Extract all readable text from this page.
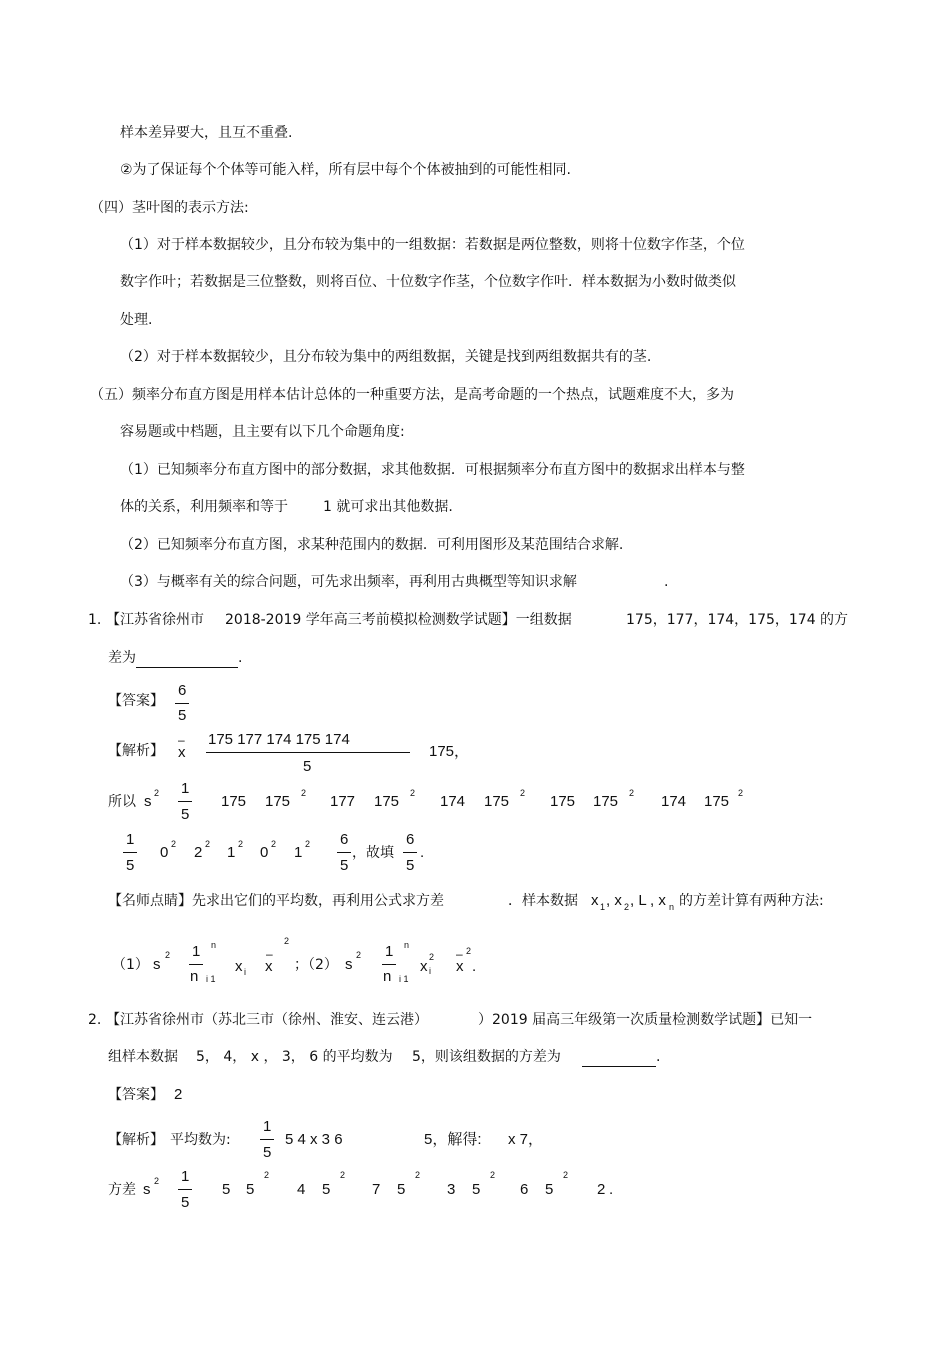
样本差异要大，且互不重叠.
②为了保证每个个体等可能入样，所有层中每个个体被抽到的可能性相同.
（四）茎叶图的表示方法:
（1）对于样本数据较少，且分布较为集中的一组数据：若数据是两位整数，则将十位数字作茎，个位
数字作叶；若数据是三位整数，则将百位、十位数字作茎，个位数字作叶．样本数据为小数时做类似
处理.
（2）对于样本数据较少，且分布较为集中的两组数据，关键是找到两组数据共有的茎.
（五）频率分布直方图是用样本估计总体的一种重要方法，是高考命题的一个热点，试题难度不大，多为
容易题或中档题，且主要有以下几个命题角度:
（1）已知频率分布直方图中的部分数据，求其他数据．可根据频率分布直方图中的数据求出样本与整
体的关系，利用频率和等于	1 就可求出其他数据.
（2）已知频率分布直方图，求某种范围内的数据．可利用图形及某范围结合求解.
（3）与概率有关的综合问题，可先求出频率，再利用古典概型等知识求解	.
1. 【江苏省徐州市 2018-2019 学年高三考前模拟检测数学试题】一组数据	175，177，174，175，174 的方
差为	.
【答案】
6
5
【解析】
–
x
175 177 174 175 174
5
175，
所以 s 2 1
5
175 175 2 177 175 2 174 175 2 175 175 2 174 175 2
1
5
0 2 2 2 1 2 0 2 1 2 6
5
，故填
6
5
.
【名师点睛】 先求出它们的平均数，再利用公式求方差	．样本数据 x 1 , x 2 , L , x n 的方差计算有两种方法:
（1） s
2 1
n
n
i 1
x i
–
x
2
；（2） s
2 1
n
n
i 1
x
2
i
– 2
x .
2. 【江苏省徐州市（苏北三市（徐州、淮安、连云港）	）2019 届高三年级第一次质量检测数学试题】已知一
组样本数据 5， 4， x ， 3， 6 的平均数为 5，则该组数据的方差为	.
【答案】 2
【解析】 平均数为:
1
5
5 4 x 3 6	5，解得: x 7，
方差 s 2 1
5
5 5
2
4 5
2
7 5
2
3 5
2
6 5
2
2 .
